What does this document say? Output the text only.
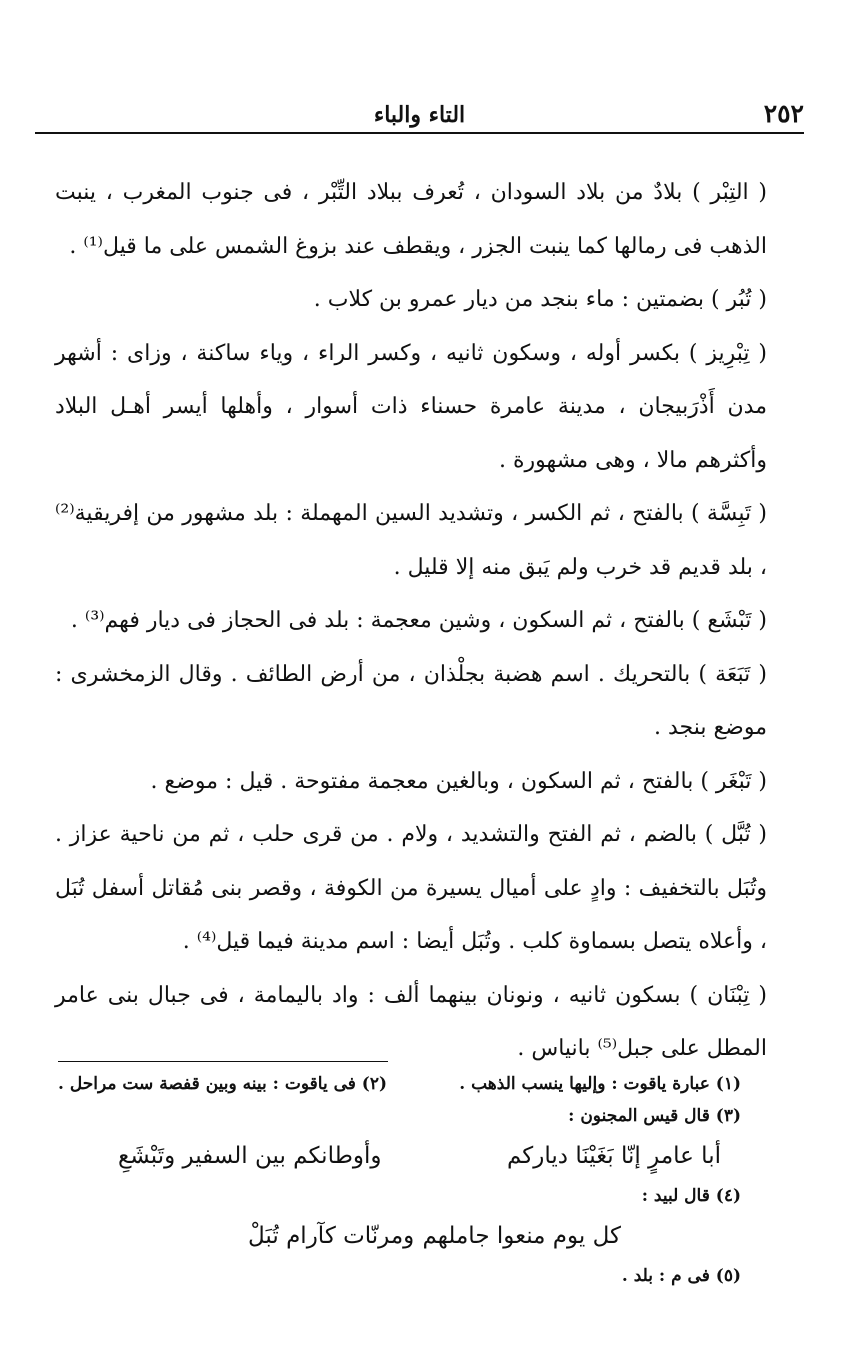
٢٥٢
التاء والباء

( التِبْر ) بلادٌ من بلاد السودان ، تُعرف ببلاد التِّبْر ، فى جنوب المغرب ، ينبت الذهب فى رمالها كما ينبت الجزر ، ويقطف عند بزوغ الشمس على ما قيل⁽¹⁾ .

( تُبُر ) بضمتين : ماء بنجد من ديار عمرو بن كلاب .

( تِبْرِيز ) بكسر أوله ، وسكون ثانيه ، وكسر الراء ، وياء ساكنة ، وزاى : أشهر مدن أَذْرَبيجان ، مدينة عامرة حسناء ذات أسوار ، وأهلها أيسر أهـل البلاد وأكثرهم مالا ، وهى مشهورة .

( تَبِسَّة ) بالفتح ، ثم الكسر ، وتشديد السين المهملة : بلد مشهور من إفريقية⁽²⁾ ، بلد قديم قد خرب ولم يَبق منه إلا قليل .

( تَبْشَع ) بالفتح ، ثم السكون ، وشين معجمة : بلد فى الحجاز فى ديار فهم⁽³⁾ .

( تَبَعَة ) بالتحريك . اسم هضبة بجلْذان ، من أرض الطائف . وقال الزمخشرى : موضع بنجد .

( تَبْغَر ) بالفتح ، ثم السكون ، وبالغين معجمة مفتوحة . قيل : موضع .

( تُبَّل ) بالضم ، ثم الفتح والتشديد ، ولام . من قرى حلب ، ثم من ناحية عزاز . وتُبَل بالتخفيف : وادٍ على أميال يسيرة من الكوفة ، وقصر بنى مُقاتل أسفل تُبَل ، وأعلاه يتصل بسماوة كلب . وتُبَل أيضا : اسم مدينة فيما قيل⁽⁴⁾ .

( تِبْنَان ) بسكون ثانيه ، ونونان بينهما ألف : واد باليمامة ، فى جبال بنى عامر المطل على جبل⁽⁵⁾ بانياس .

(١) عبارة ياقوت : وإليها ينسب الذهب .
(٢) فى ياقوت : بينه وبين قفصة ست مراحل .
(٣) قال قيس المجنون :
أبا عامرٍ إنّا بَغَيْنَا دياركم
وأوطانكم بين السفير وتَبْشَعِ
(٤) قال لبيد :
كل يوم منعوا جاملهم
ومرنّات كآرام تُبَلْ
(٥) فى م : بلد .
